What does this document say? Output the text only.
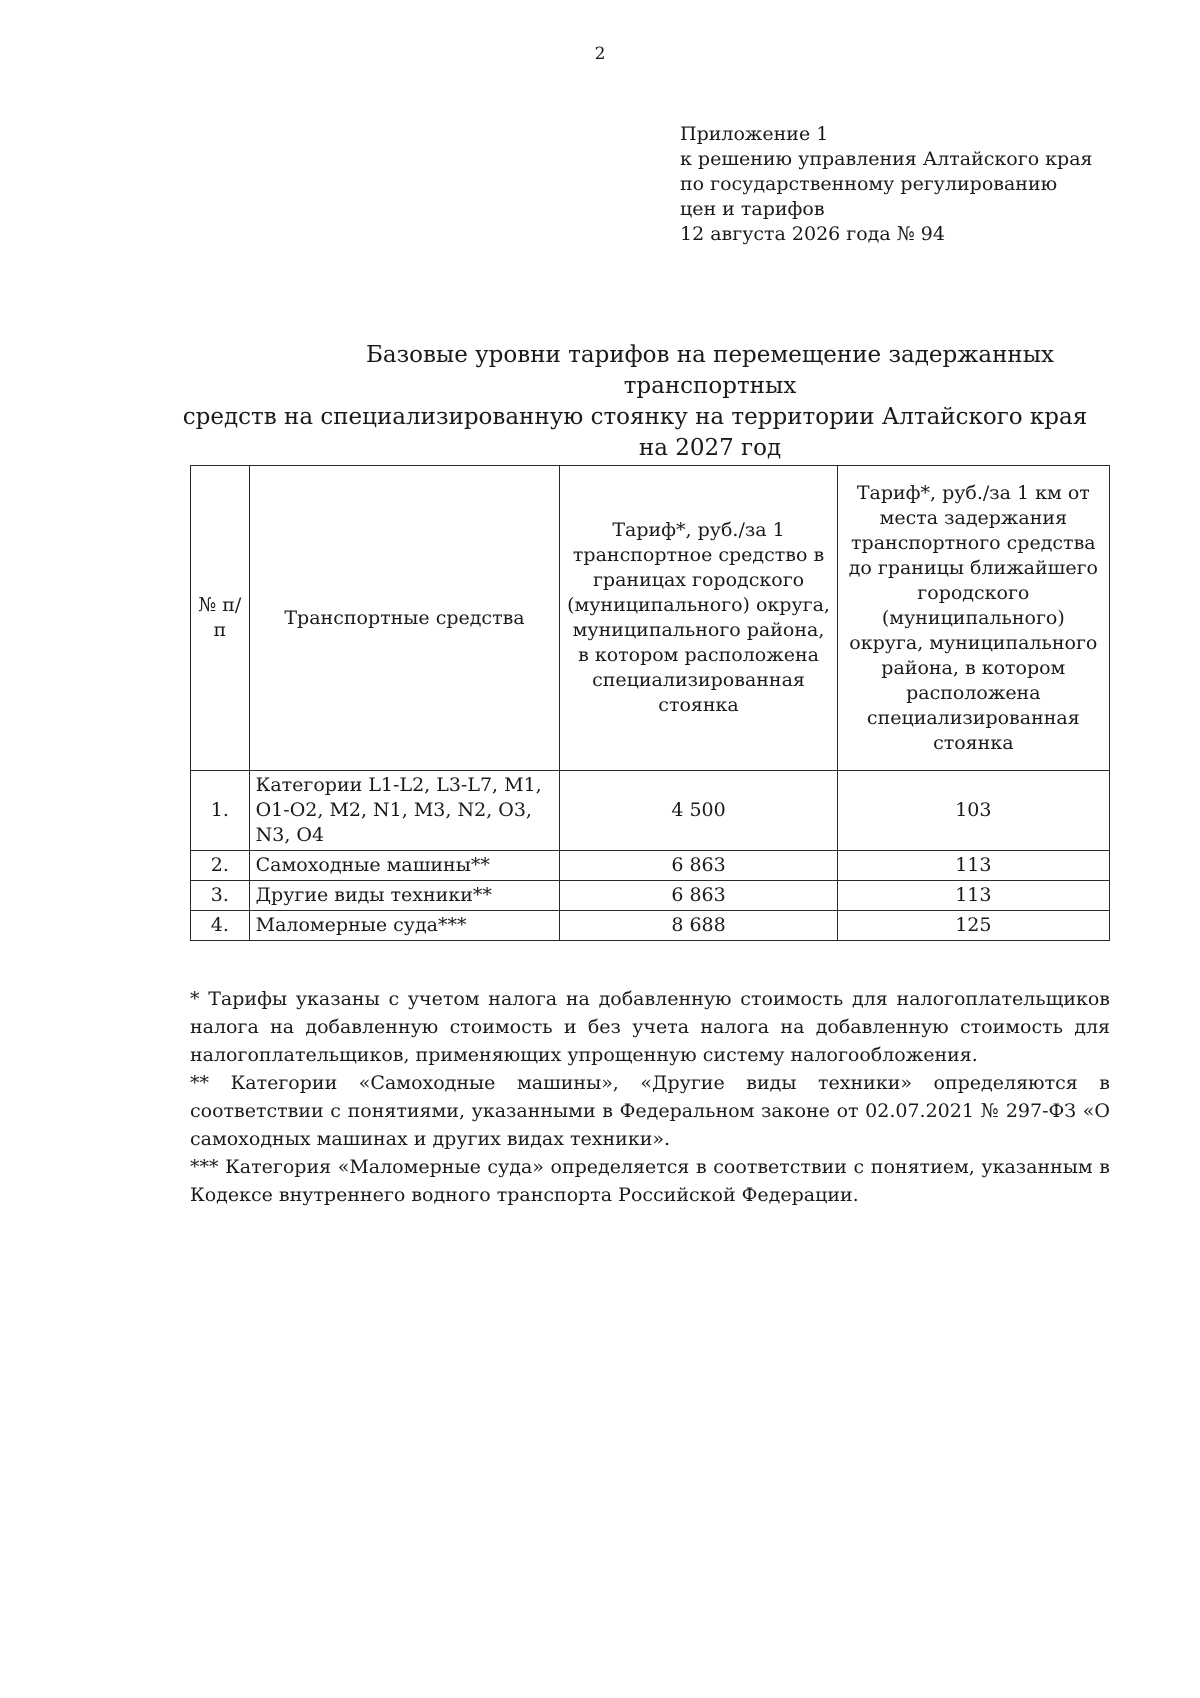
2
Приложение 1
к решению управления Алтайского края
по государственному регулированию
цен и тарифов
12 августа 2026 года № 94
Базовые уровни тарифов на перемещение задержанных транспортных
средств на специализированную стоянку на территории Алтайского края
на 2027 год
№ п/п	Транспортные средства	Тариф*, руб./за 1 транспортное средство в границах городского (муниципального) округа, муниципального района, в котором расположена специализированная стоянка	Тариф*, руб./за 1 км от места задержания транспортного средства до границы ближайшего городского (муниципального) округа, муниципального района, в котором расположена специализированная стоянка
1.	Категории L1-L2, L3-L7, M1, O1-O2, M2, N1, M3, N2, O3, N3, O4	4 500	103
2.	Самоходные машины**	6 863	113
3.	Другие виды техники**	6 863	113
4.	Маломерные суда***	8 688	125

* Тарифы указаны с учетом налога на добавленную стоимость для налогоплательщиков налога на добавленную стоимость и без учета налога на добавленную стоимость для налогоплательщиков, применяющих упрощенную систему налогообложения.

** Категории «Самоходные машины», «Другие виды техники» определяются в соответствии с понятиями, указанными в Федеральном законе от 02.07.2021 № 297-ФЗ «О самоходных машинах и других видах техники».

*** Категория «Маломерные суда» определяется в соответствии с понятием, указанным в Кодексе внутреннего водного транспорта Российской Федерации.
